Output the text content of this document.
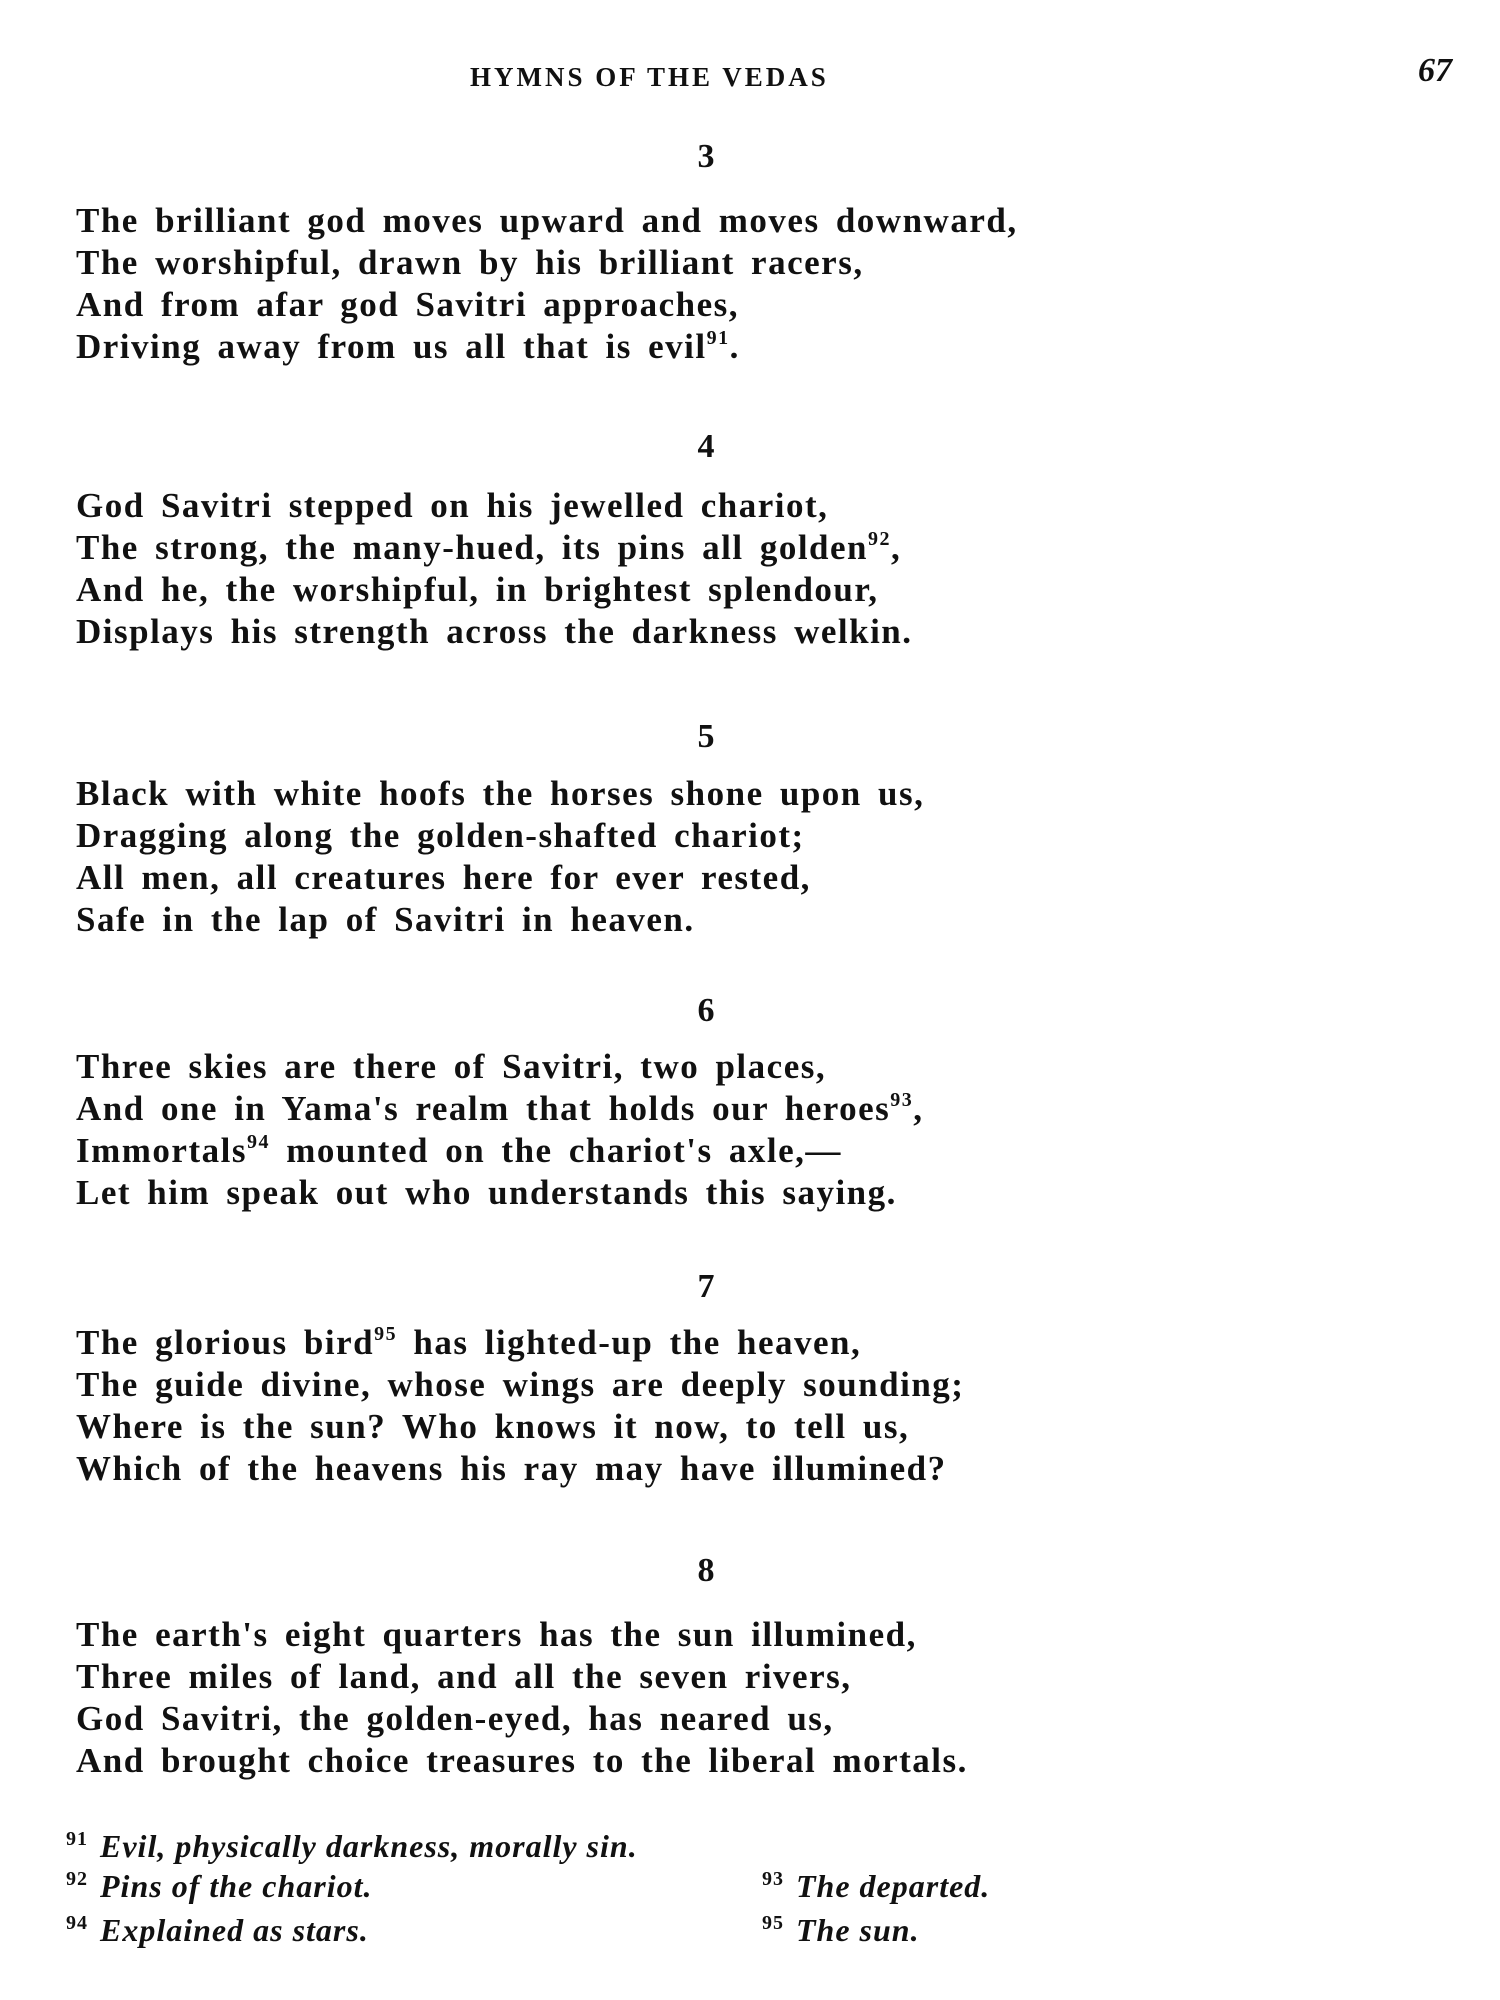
HYMNS OF THE VEDAS	67
3
The brilliant god moves upward and moves downward,
The worshipful, drawn by his brilliant racers,
And from afar god Savitri approaches,
Driving away from us all that is evil$^{91}$.
4
God Savitri stepped on his jewelled chariot,
The strong, the many-hued, its pins all golden$^{92}$,
And he, the worshipful, in brightest splendour,
Displays his strength across the darkness welkin.
5
Black with white hoofs the horses shone upon us,
Dragging along the golden-shafted chariot;
All men, all creatures here for ever rested,
Safe in the lap of Savitri in heaven.
6
Three skies are there of Savitri, two places,
And one in Yama's realm that holds our heroes$^{93}$,
Immortals$^{94}$ mounted on the chariot's axle,—
Let him speak out who understands this saying.
7
The glorious bird$^{95}$ has lighted-up the heaven,
The guide divine, whose wings are deeply sounding;
Where is the sun? Who knows it now, to tell us,
Which of the heavens his ray may have illumined?
8
The earth's eight quarters has the sun illumined,
Three miles of land, and all the seven rivers,
God Savitri, the golden-eyed, has neared us,
And brought choice treasures to the liberal mortals.
$^{91}$ Evil, physically darkness, morally sin.
$^{92}$ Pins of the chariot.	$^{93}$ The departed.
$^{94}$ Explained as stars.	$^{95}$ The sun.
